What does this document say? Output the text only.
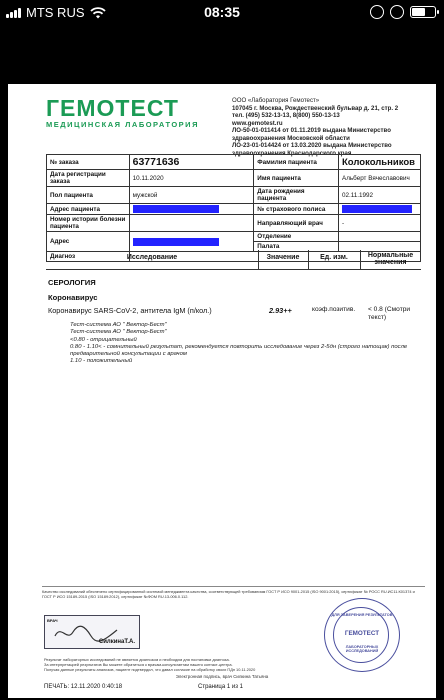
MTS RUS	08:35
ГЕМОТЕСТ
МЕДИЦИНСКАЯ ЛАБОРАТОРИЯ
ООО «Лаборатория Гемотест»
107045 г. Москва, Рождественский бульвар д. 21, стр. 2
тел. (495) 532-13-13, 8(800) 550-13-13
www.gemotest.ru
ЛО-50-01-011414 от 01.11.2019 выдана Министерство здравоохранения Московской области
ЛО-23-01-014424 от 13.03.2020 выдана Министерство здравоохранения Краснодарского края
№ заказа	63771636	Фамилия пациента	Колокольников
Дата регистрации заказа	10.11.2020	Имя пациента	Альберт Вячеславович
Пол пациента	мужской	Дата рождения пациента	02.11.1992
Адрес пациента		№ страхового полиса	
Номер истории болезни пациента		Направляющий врач	-
Адрес		Отделение	
		Палата	
Диагноз				Исследование	Значение	Ед. изм.	Нормальные значения
СЕРОЛОГИЯ
Коронавирус
Коронавирус SARS-CoV-2, антитела IgM (п/кол.)	2.93++	коэф.позитив.	< 0.8 (Смотри текст)
Тест-система АО " Вектор-Бест"
Тест-система АО " Вектор-Бест"
<0.80 - отрицательный
0.80 - 1.10< - сомнительный результат, рекомендуется повторить исследование через 2-5дн (строго натощак) после предварительной консультации с врачом
1.10 - положительный
Качество исследований обеспечено сертифицированной системой менеджмента качества, соответствующей требованиям ГОСТ Р ИСО 9001-2015 (ISO 9001:2015), сертификат № РОСС RU.ИС11.К01374 и ГОСТ Р ИСО 15189-2015 (ISO 15189:2012), сертификат №ФОМ RU.13-006.0.112.
ВРАЧ
СилкинаТ.А.
ДЛЯ ЗАВЕРЕНИЯ РЕЗУЛЬТАТОВ
ГЕМОТЕСТ
ЛАБОРАТОРНЫХ ИССЛЕДОВАНИЙ
Результат лабораторных исследований не является диагнозом и необходим для постановки диагноза.
За интерпретацией результатов Вы можете обратиться к врачам-консультантам нашего контакт-центра.
Получая данные результаты анализов, пациент подтвердил, что давал согласие на обработку своих ПДн 10.11.2020
Электронная подпись, врач Силкина Татьяна
ПЕЧАТЬ: 12.11.2020 0:40:18	Страница 1 из 1
